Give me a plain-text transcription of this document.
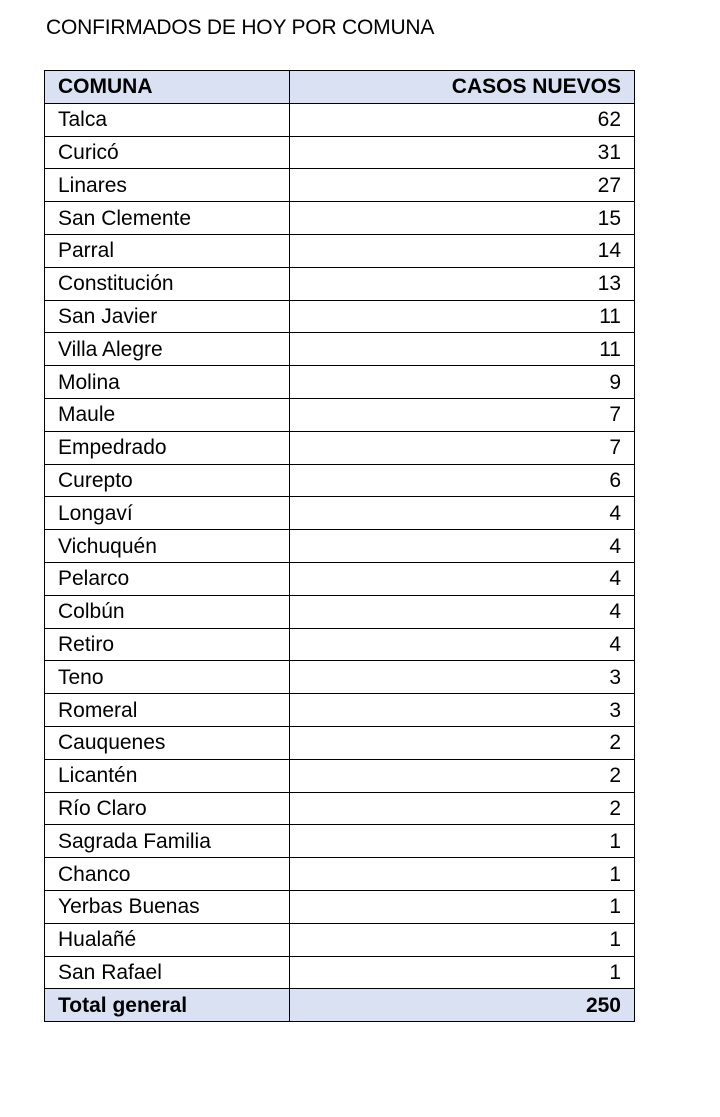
CONFIRMADOS DE HOY POR COMUNA
COMUNA	CASOS NUEVOS
Talca	62
Curicó	31
Linares	27
San Clemente	15
Parral	14
Constitución	13
San Javier	11
Villa Alegre	11
Molina	9
Maule	7
Empedrado	7
Curepto	6
Longaví	4
Vichuquén	4
Pelarco	4
Colbún	4
Retiro	4
Teno	3
Romeral	3
Cauquenes	2
Licantén	2
Río Claro	2
Sagrada Familia	1
Chanco	1
Yerbas Buenas	1
Hualañé	1
San Rafael	1
Total general	250
